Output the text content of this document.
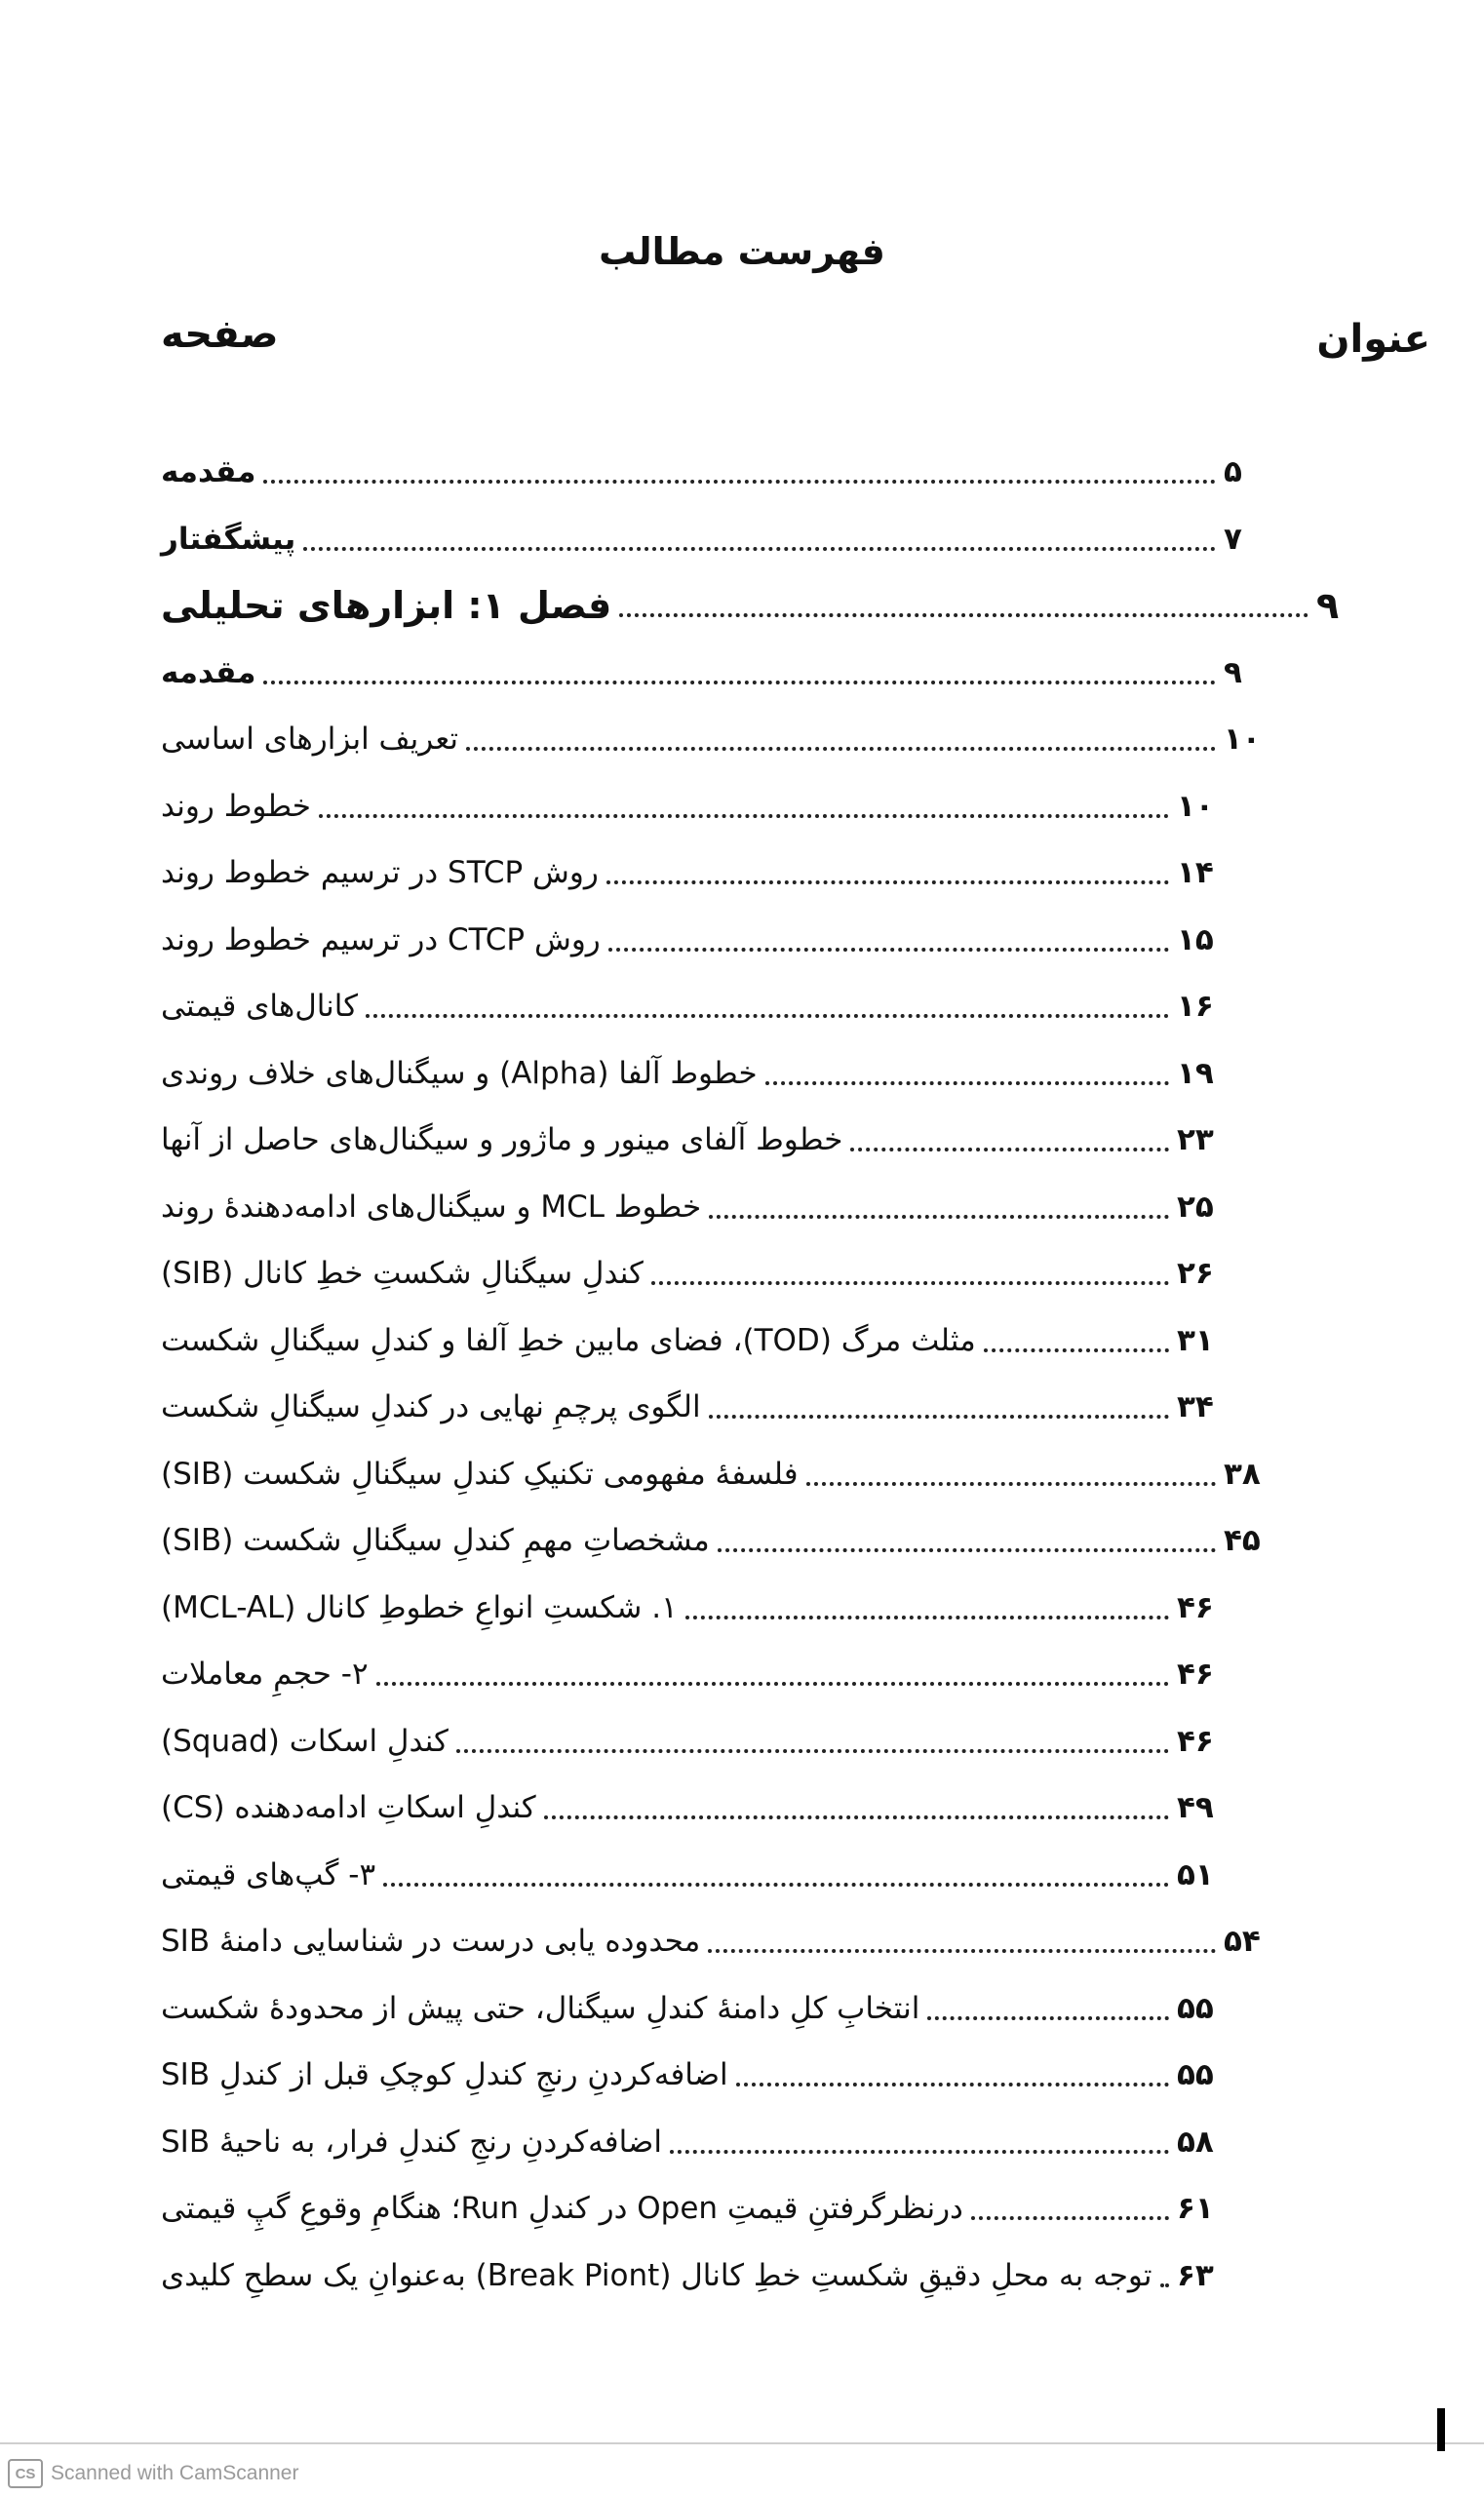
فهرست مطالب
عنوان
صفحه
مقدمه	۵
پیشگفتار	۷
فصل ۱: ابزارهای تحلیلی	۹
مقدمه	۹
تعریف ابزارهای اساسی	۱۰
خطوط روند	۱۰
روش STCP در ترسیم خطوط روند	۱۴
روش CTCP در ترسیم خطوط روند	۱۵
کانال‌های قیمتی	۱۶
خطوط آلفا (Alpha) و سیگنال‌های خلاف روندی	۱۹
خطوط آلفای مینور و ماژور و سیگنال‌های حاصل از آنها	۲۳
خطوط MCL و سیگنال‌های ادامه‌دهندهٔ روند	۲۵
کندلِ سیگنالِ شکستِ خطِ کانال (SIB)	۲۶
مثلث مرگ (TOD)، فضای مابین خطِ آلفا و کندلِ سیگنالِ شکست	۳۱
الگوی پرچمِ نهایی در کندلِ سیگنالِ شکست	۳۴
فلسفهٔ مفهومی تکنیکِ کندلِ سیگنالِ شکست (SIB)	۳۸
مشخصاتِ مهمِ کندلِ سیگنالِ شکست (SIB)	۴۵
۱. شکستِ انواعِ خطوطِ کانال (MCL-AL)	۴۶
۲- حجمِ معاملات	۴۶
کندلِ اسکات (Squad)	۴۶
کندلِ اسکاتِ ادامه‌دهنده (CS)	۴۹
۳- گپ‌های قیمتی	۵۱
محدوده یابی درست در شناسایی دامنهٔ SIB	۵۴
انتخابِ کلِ دامنهٔ کندلِ سیگنال، حتی پیش از محدودهٔ شکست	۵۵
اضافه‌کردنِ رنجِ کندلِ کوچکِ قبل از کندلِ SIB	۵۵
اضافه‌کردنِ رنجِ کندلِ فرار، به ناحیهٔ SIB	۵۸
درنظرگرفتنِ قیمتِ Open در کندلِ Run؛ هنگامِ وقوعِ گپِ قیمتی	۶۱
توجه به محلِ دقیقِ شکستِ خطِ کانال (Break Piont) به‌عنوانِ یک سطحِ کلیدی ۶۳
CS Scanned with CamScanner
